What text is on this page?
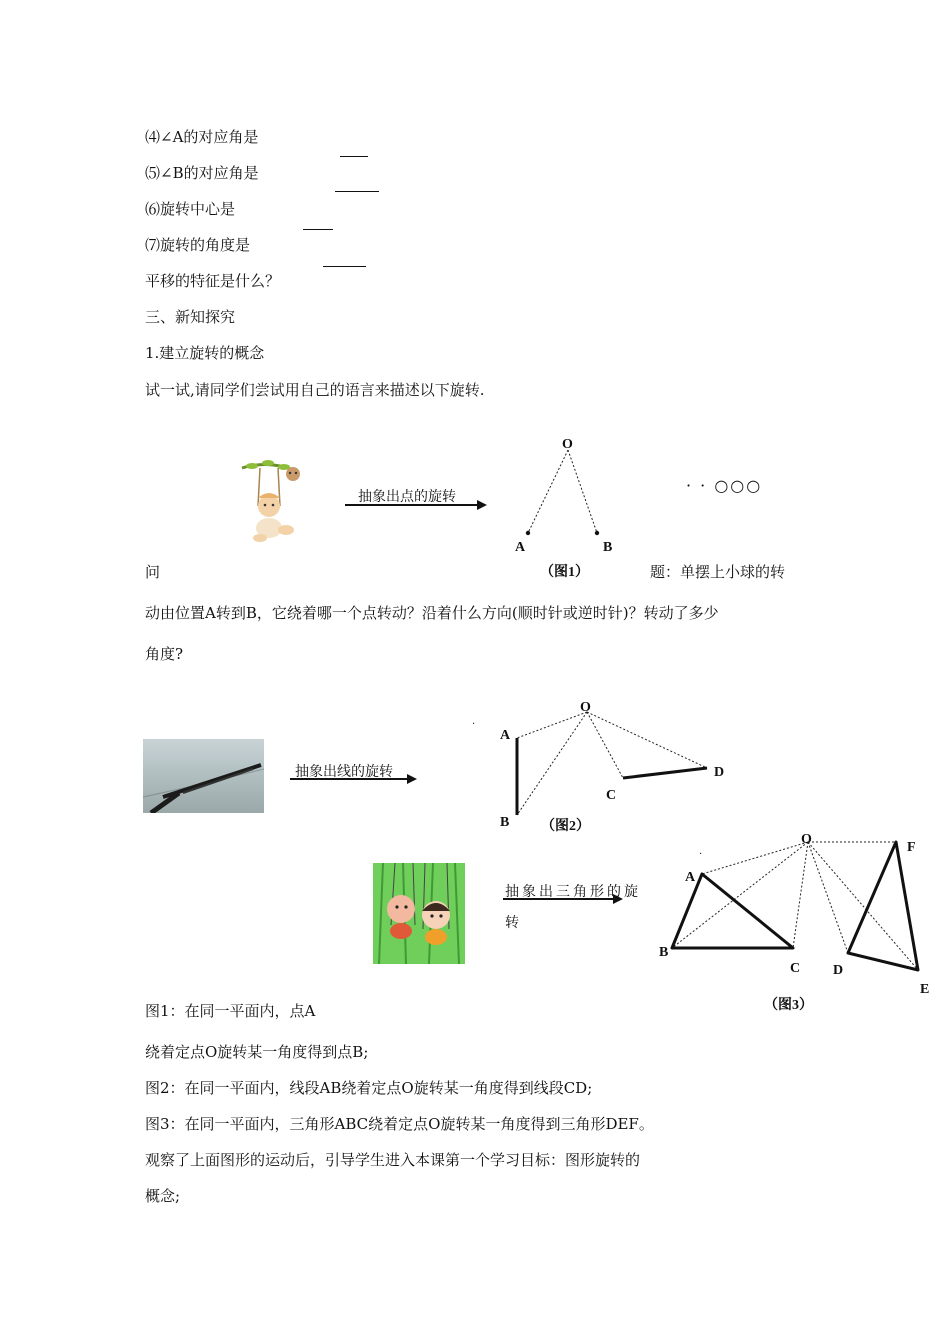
⑷∠A的对应角是
⑸∠B的对应角是
⑹旋转中心是
⑺旋转的角度是
平移的特征是什么？
三、新知探究
1.建立旋转的概念
试一试,请同学们尝试用自己的语言来描述以下旋转.
抽象出点的旋转
O
A	B
· · ○○○
问	（图1）	题：单摆上小球的转
动由位置A转到B，它绕着哪一个点转动？沿着什么方向(顺时针或逆时针)？转动了多少
角度?
抽象出线的旋转
.
O
A
B
C
D
（图2）
抽象出三角形的旋
转
.
O
A
B
C D
E
F
（图3）
图1：在同一平面内，点A
绕着定点O旋转某一角度得到点B;
图2：在同一平面内，线段AB绕着定点O旋转某一角度得到线段CD;
图3：在同一平面内，三角形ABC绕着定点O旋转某一角度得到三角形DEF。
观察了上面图形的运动后，引导学生进入本课第一个学习目标：图形旋转的
概念;
